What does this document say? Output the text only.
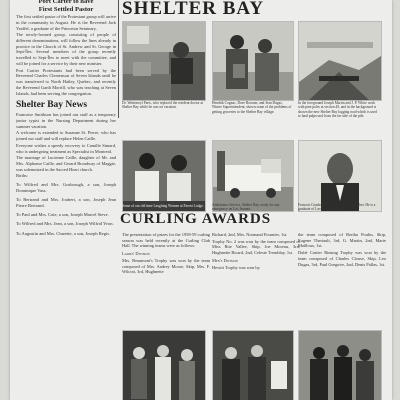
Port Carter to have
First Settled Pastor

The first settled pastor of the Protestant group will arrive in the community in August. He is the Reverend Jack Yeaffel, a graduate of the Princeton Seminary.

The newly-formed group, consisting of people of different denominations, will follow the lines already in practice in the Church of St. Andrew and St. George in Sept-Îles. Several members of the group recently travelled to Sept-Îles to meet with the committee, and will be joined for a service by their new minister.

Port Cartier Protestants had been served by the Reverend Charles Clemenson of Seven Islands until he was transferred to North Hatley, Quebec, and recently the Reverend Garth Morrill, who was teaching at Seven Islands, had been serving the congregation.

Shelter Bay News

Francoise Smithson has joined our staff as a temporary junior typist in the Nursing Department during her summer vacation.

A welcome is extended to Suzanne St. Pierre, who has joined our staff and will replace Helen Caille.

Everyone wishes a speedy recovery to Camille Simard, who is undergoing treatment as Specialist in Montreal.

The marriage of Lucienne Caille, daughter of Mr. and Mrs. Alphonse Caille, and Gerard Broadway of Maggie, was solemnized in the Sacred Heart church.

Births:

To Wilfred and Mrs. Gosbrough, a son, Joseph Dominique Vass.

To Bertrand and Mrs. Joubert, a son, Joseph Jean Pierre Bertrand.

To Paul and Mrs. Cote, a son, Joseph Marcel Steve.

To Wilfred and Mrs. Jean, a son, Joseph Wilfrid Yvon.

To Augustin and Mrs. Charette, a son, Joseph Regis.

SHELTER BAY
Dr. Wattenwyl Paris, who replaced the resident doctor at Shelter Bay while he was on vacation.
Hendrik Cognac, Dave Rossner, and Jean Dugas, Winter Superintendent, shown some of the problems of getting groceries to the Shelter Bay village.
In the foreground Joseph Martin and J. P. White work with pine poles at section 40, and in the background is shown the new Shelter Bay logging road which is used to haul pulpwood from the far side of the pile.
Some of our old time Laughing Women at Parent Lodge. Ambulance Service, Shelter Bay, ready for any emergency on Lac Jeannot.
Francois Goudreault, new Parent's Dispatcher. He is a graduate of Laval University.
CURLING AWARDS

The presentation of prizes for the 1958-59 curling season was held recently at the Curling Club Hall. The winning teams were as follows:

Ladies' Division

Mrs. Beaumont's Trophy was won by the team composed of Mrs. Audrey Moore, Skip, Mrs. F. Wilcott, 3rd, Hughnette

Richard, 2nd, Mrs. Normand Fournier, 1st.

Trophy No. 2 was won by the team composed of Miss Rite Vallee, Skip, Joe Moreau, 3rd, Hughnette Ricard, 2nd, Celeste Tremblay, 1st.

Men's Division

Hewitt Trophy was won by

the team composed of Bertha Poulin, Skip, Eugene Theriault, 3rd, G. Martin, 2nd, Marie Mailloux, 1st.

Dubé Cartier Rinsing Trophy was won by the team composed of Charles Clouse, Skip, Leo Dugas, 3rd, Paul Gregoire, 2nd, Denis Pallas, 1st.
